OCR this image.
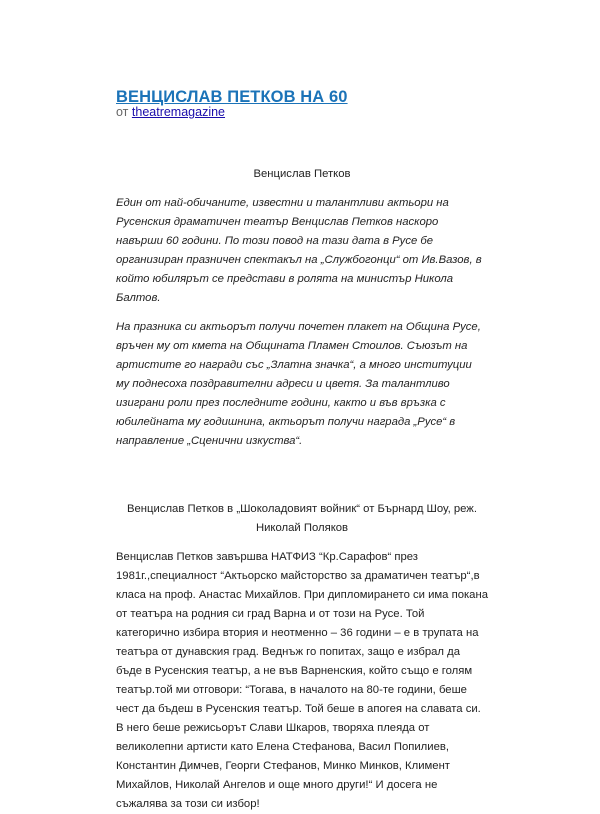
ВЕНЦИСЛАВ ПЕТКОВ НА 60
от theatremagazine

Венцислав Петков

Един от най-обичаните, известни и талантливи актьори на Русенския драматичен театър Венцислав Петков наскоро навърши 60 години. По този повод на тази дата в Русе бе организиран празничен спектакъл на „Службогонци“ от Ив.Вазов, в който юбилярът се представи в ролята на министър Никола Балтов.

На празника си актьорът получи почетен плакет на Община Русе, връчен му от кмета на Общината Пламен Стоилов. Съюзът на артистите го награди със „Златна значка“, а много институции му поднесоха поздравителни адреси и цветя. За талантливо изиграни роли през последните години, както и във връзка с юбилейната му годишнина, актьорът получи награда „Русе“ в направление „Сценични изкуства“.

Венцислав Петков в „Шоколадовият войник“ от Бърнард Шоу, реж. Николай Поляков

Венцислав Петков завършва НАТФИЗ “Кр.Сарафов“ през 1981г.,специалност “Актьорско майсторство за драматичен театър“,в класа на проф. Анастас Михайлов. При дипломирането си има покана от театъра на родния си град Варна и от този на Русе. Той категорично избира втория и неотменно – 36 години – е в трупата на театъра от дунавския град. Веднъж го попитах, защо е избрал да бъде в Русенския театър, а не във Варненския, който също е голям театър.той ми отговори: “Тогава, в началото на 80-те години, беше чест да бъдеш в Русенския театър. Той беше в апогея на славата си. В него беше режисьорът Слави Шкаров, творяха плеяда от великолепни артисти като Елена Стефанова, Васил Попилиев, Константин Димчев, Георги Стефанов, Минко Минков, Климент Михайлов, Николай Ангелов и още много други!“ И досега не съжалява за този си избор!
